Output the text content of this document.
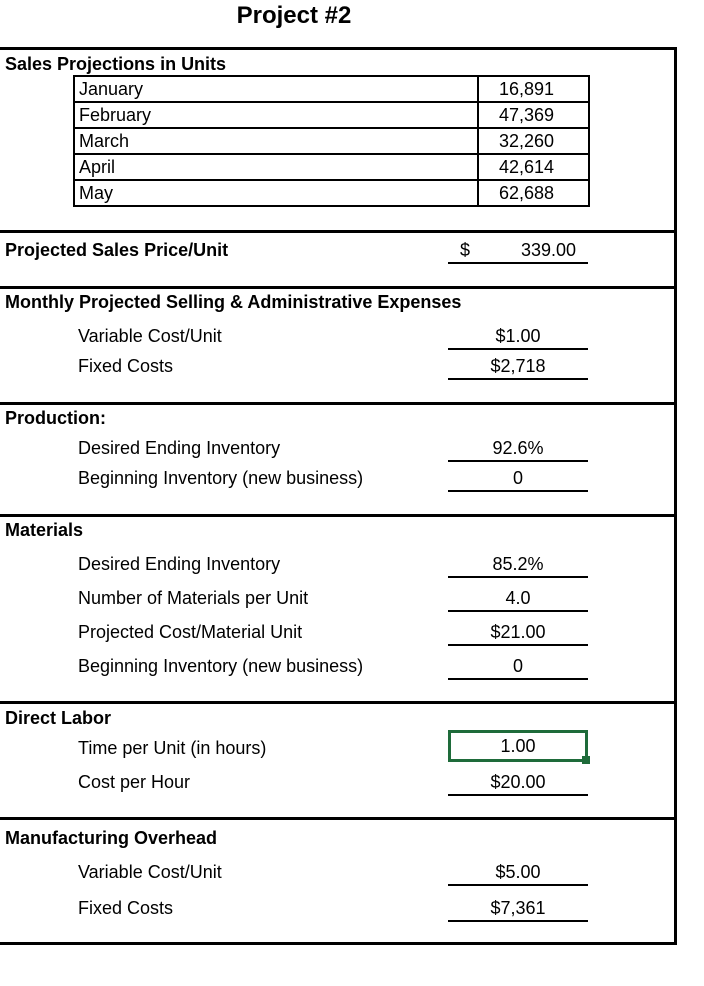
Project #2
Sales Projections in Units
January	16,891
February	47,369
March	32,260
April	42,614
May	62,688
Projected Sales Price/Unit	$	339.00
Monthly Projected Selling & Administrative Expenses
Variable Cost/Unit	$1.00
Fixed Costs	$2,718
Production:
Desired Ending Inventory	92.6%
Beginning Inventory (new business)	0
Materials
Desired Ending Inventory	85.2%
Number of Materials per Unit	4.0
Projected Cost/Material Unit	$21.00
Beginning Inventory (new business)	0
Direct Labor
Time per Unit (in hours)	1.00
Cost per Hour	$20.00
Manufacturing Overhead
Variable Cost/Unit	$5.00
Fixed Costs	$7,361
